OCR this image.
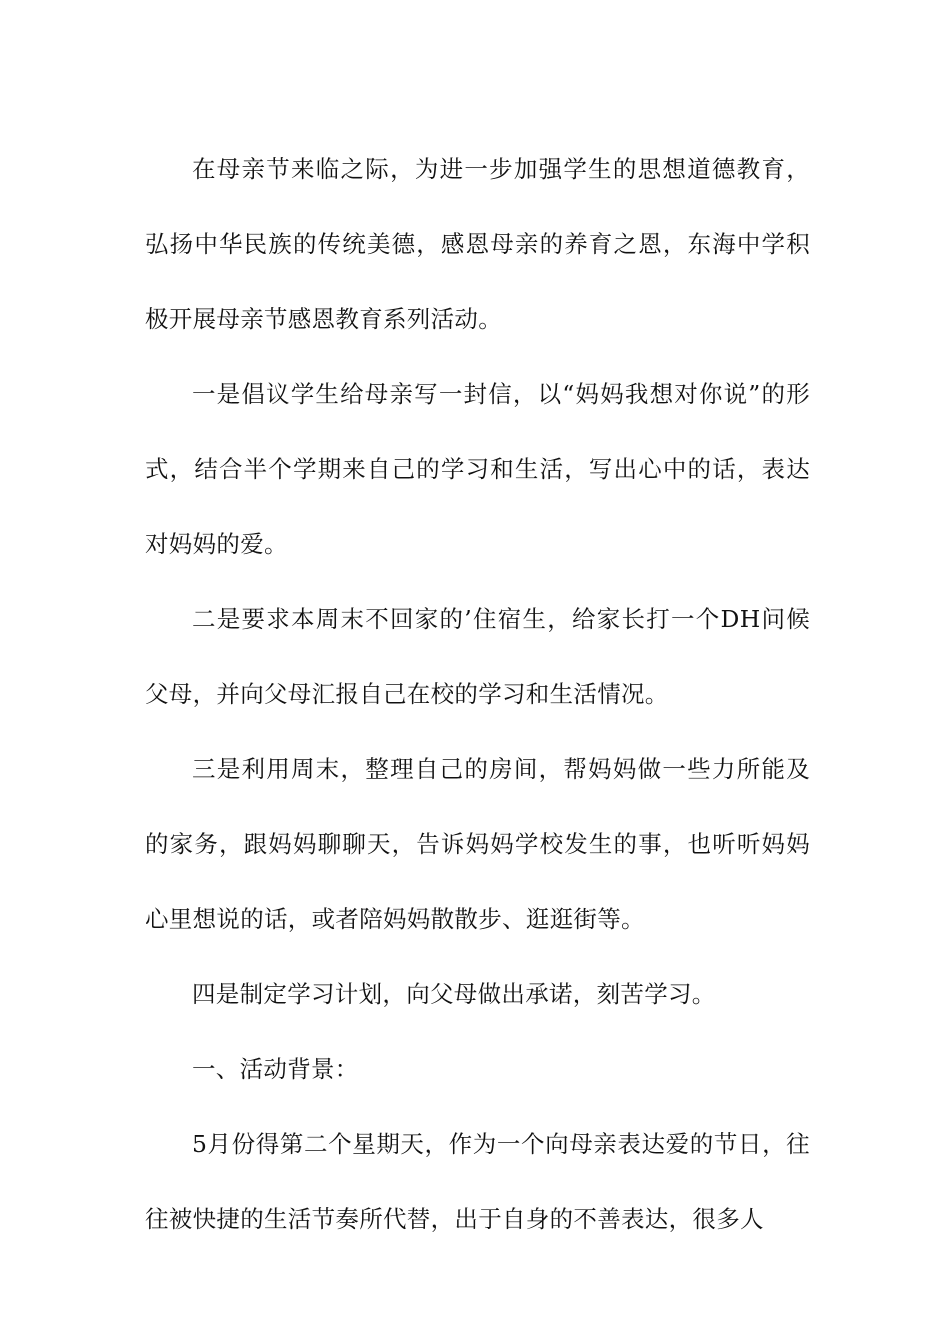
在母亲节来临之际，为进一步加强学生的思想道德教育，弘扬中华民族的传统美德，感恩母亲的养育之恩，东海中学积极开展母亲节感恩教育系列活动。

一是倡议学生给母亲写一封信，以“妈妈我想对你说”的形式，结合半个学期来自己的学习和生活，写出心中的话，表达对妈妈的爱。

二是要求本周末不回家的’住宿生，给家长打一个DH问候父母，并向父母汇报自己在校的学习和生活情况。

三是利用周末，整理自己的房间，帮妈妈做一些力所能及的家务，跟妈妈聊聊天，告诉妈妈学校发生的事，也听听妈妈心里想说的话，或者陪妈妈散散步、逛逛街等。

四是制定学习计划，向父母做出承诺，刻苦学习。

一、活动背景：

5月份得第二个星期天，作为一个向母亲表达爱的节日，往往被快捷的生活节奏所代替，出于自身的不善表达，很多人
